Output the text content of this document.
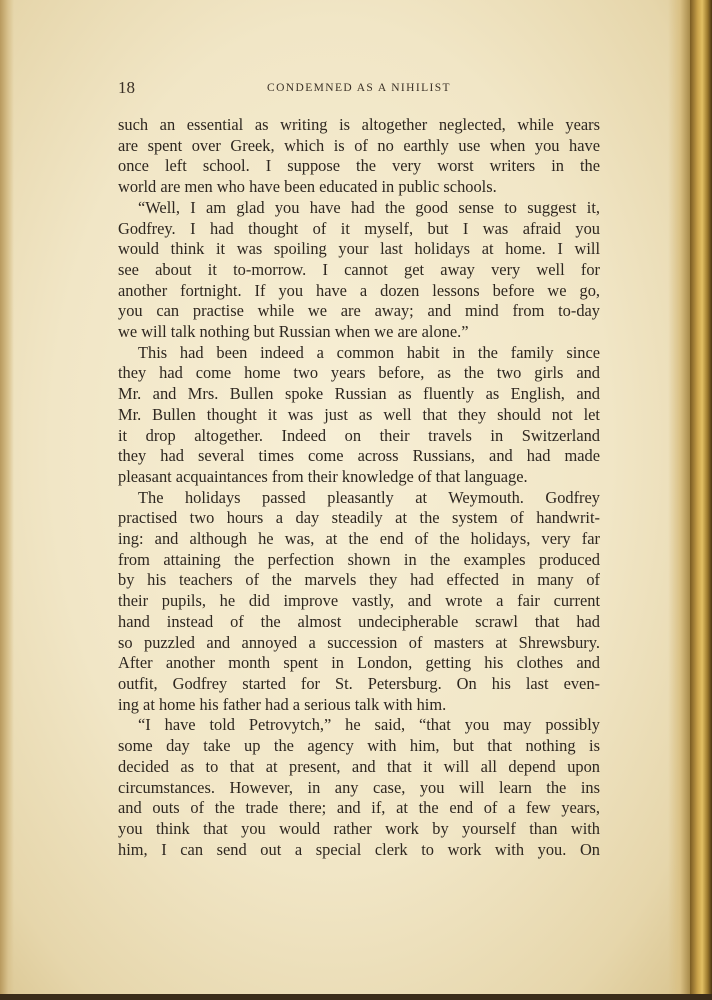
18	CONDEMNED AS A NIHILIST
such an essential as writing is altogether neglected, while years
are spent over Greek, which is of no earthly use when you have
once left school. I suppose the very worst writers in the
world are men who have been educated in public schools.
“Well, I am glad you have had the good sense to suggest it,
Godfrey. I had thought of it myself, but I was afraid you
would think it was spoiling your last holidays at home. I will
see about it to-morrow. I cannot get away very well for
another fortnight. If you have a dozen lessons before we go,
you can practise while we are away; and mind from to-day
we will talk nothing but Russian when we are alone.”
This had been indeed a common habit in the family since
they had come home two years before, as the two girls and
Mr. and Mrs. Bullen spoke Russian as fluently as English, and
Mr. Bullen thought it was just as well that they should not let
it drop altogether. Indeed on their travels in Switzerland
they had several times come across Russians, and had made
pleasant acquaintances from their knowledge of that language.
The holidays passed pleasantly at Weymouth. Godfrey
practised two hours a day steadily at the system of handwrit-
ing: and although he was, at the end of the holidays, very far
from attaining the perfection shown in the examples produced
by his teachers of the marvels they had effected in many of
their pupils, he did improve vastly, and wrote a fair current
hand instead of the almost undecipherable scrawl that had
so puzzled and annoyed a succession of masters at Shrewsbury.
After another month spent in London, getting his clothes and
outfit, Godfrey started for St. Petersburg. On his last even-
ing at home his father had a serious talk with him.
“I have told Petrovytch,” he said, “that you may possibly
some day take up the agency with him, but that nothing is
decided as to that at present, and that it will all depend upon
circumstances. However, in any case, you will learn the ins
and outs of the trade there; and if, at the end of a few years,
you think that you would rather work by yourself than with
him, I can send out a special clerk to work with you. On
